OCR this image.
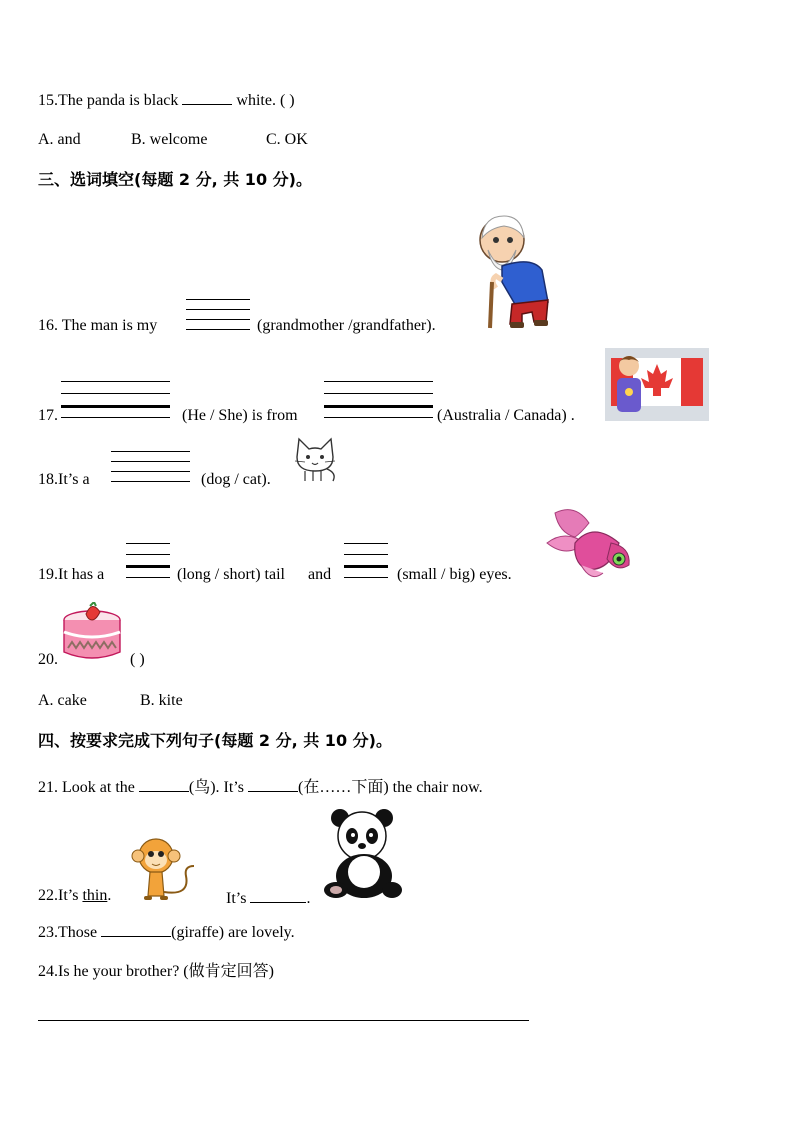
15.The panda is black	white. ( )
A. and	B. welcome	C. OK
三、选词填空(每题 2 分, 共 10 分)。
16. The man is my	(grandmother /grandfather).
17.	(He / She) is from	(Australia / Canada) .
18.It’s a	(dog / cat).
19.It has a	(long / short) tail and	(small / big) eyes.
20.	( )
A. cake	B. kite
四、按要求完成下列句子(每题 2 分, 共 10 分)。
21. Look at the	(鸟). It’s	(在……下面) the chair now.
22.It’s thin.	It’s	.
23.Those	(giraffe) are lovely.
24.Is he your brother? (做肯定回答)
